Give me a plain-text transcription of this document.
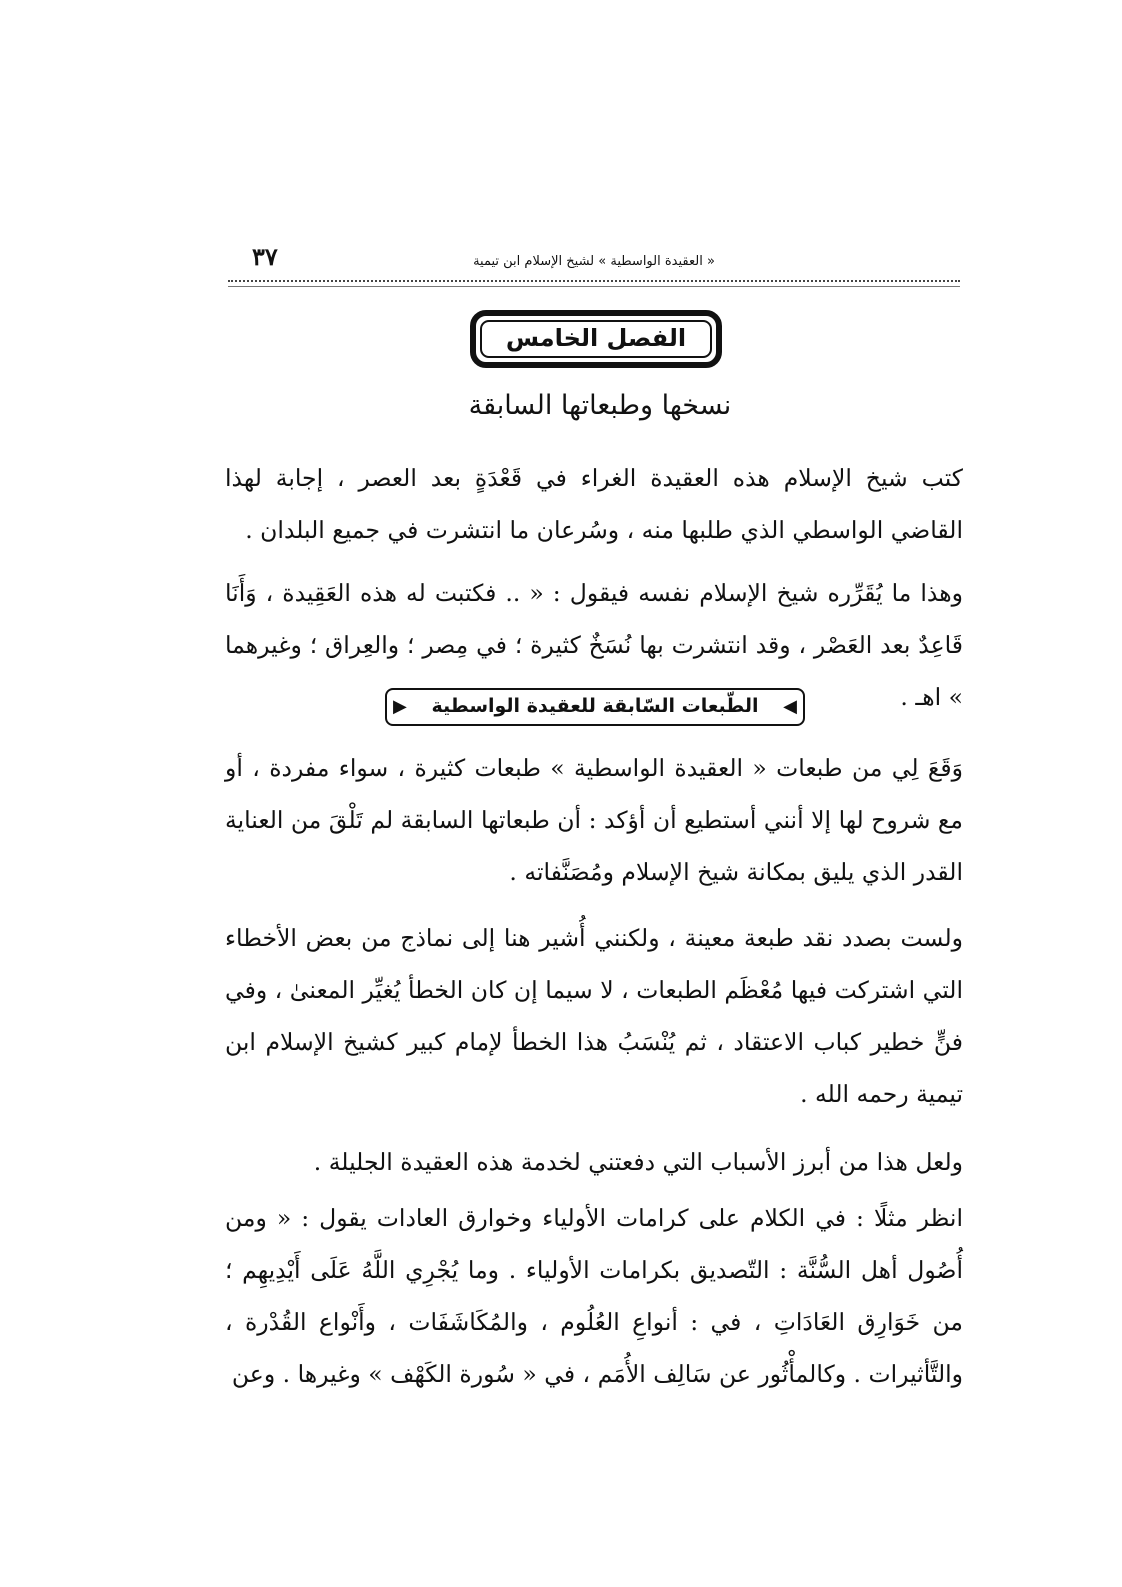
٣٧	« العقيدة الواسطية » لشيخ الإسلام ابن تيمية
الفصل الخامس
نسخها وطبعاتها السابقة

كتب شيخ الإسلام هذه العقيدة الغراء في قَعْدَةٍ بعد العصر ، إجابة لهذا القاضي الواسطي الذي طلبها منه ، وسُرعان ما انتشرت في جميع البلدان .

وهذا ما يُقَرِّره شيخ الإسلام نفسه فيقول : « .. فكتبت له هذه العَقِيدة ، وَأَنَا قَاعِدٌ بعد العَصْر ، وقد انتشرت بها نُسَخٌ كثيرة ؛ في مِصر ؛ والعِراق ؛ وغيرهما » اهـ .

◀
الطّبعات السّابقة للعقيدة الواسطية
▶

وَقَعَ لِي من طبعات « العقيدة الواسطية » طبعات كثيرة ، سواء مفردة ، أو مع شروح لها إلا أنني أستطيع أن أؤكد : أن طبعاتها السابقة لم تَلْقَ من العناية القدر الذي يليق بمكانة شيخ الإسلام ومُصَنَّفاته .

ولست بصدد نقد طبعة معينة ، ولكنني أُشير هنا إلى نماذج من بعض الأخطاء التي اشتركت فيها مُعْظَم الطبعات ، لا سيما إن كان الخطأ يُغيِّر المعنىٰ ، وفي فنٍّ خطير كباب الاعتقاد ، ثم يُنْسَبُ هذا الخطأ لإمام كبير كشيخ الإسلام ابن تيمية رحمه الله .

ولعل هذا من أبرز الأسباب التي دفعتني لخدمة هذه العقيدة الجليلة .

انظر مثلًا : في الكلام على كرامات الأولياء وخوارق العادات يقول : « ومن أُصُول أهل السُّنَّة : التّصديق بكرامات الأولياء . وما يُجْرِي اللَّهُ عَلَى أَيْدِيهِم ؛ من خَوَارِق العَادَاتِ ، في : أنواعِ العُلُوم ، والمُكَاشَفَات ، وأَنْواع القُدْرة ، والتَّأثيرات . وكالمأْثُور عن سَالِف الأُمَم ، في « سُورة الكَهْف » وغيرها . وعن
